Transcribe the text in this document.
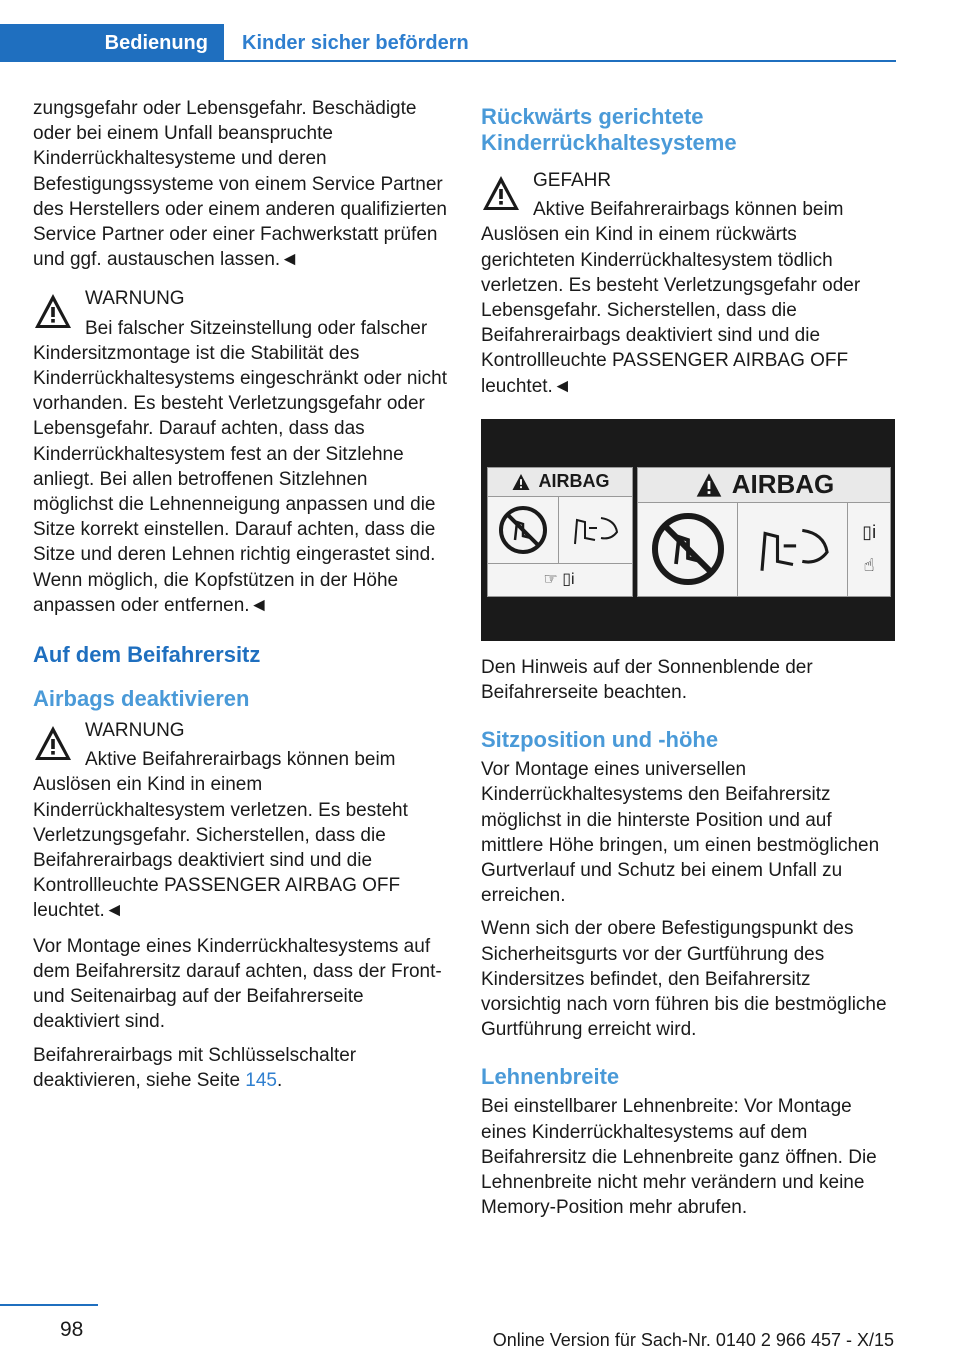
Bedienung	Kinder sicher befördern

zungsgefahr oder Lebensgefahr. Beschädigte oder bei einem Unfall beanspruchte Kinderrückhaltesysteme und deren Befestigungssysteme von einem Service Partner des Herstellers oder einem anderen qualifizierten Service Partner oder einer Fachwerkstatt prüfen und ggf. austauschen lassen.◄

WARNUNG
Bei falscher Sitzeinstellung oder falscher Kindersitzmontage ist die Stabilität des Kinderrückhaltesystems eingeschränkt oder nicht vorhanden. Es besteht Verletzungsgefahr oder Lebensgefahr. Darauf achten, dass das Kinderrückhaltesystem fest an der Sitzlehne anliegt. Bei allen betroffenen Sitzlehnen möglichst die Lehnenneigung anpassen und die Sitze korrekt einstellen. Darauf achten, dass die Sitze und deren Lehnen richtig eingerastet sind. Wenn möglich, die Kopfstützen in der Höhe anpassen oder entfernen.◄
Auf dem Beifahrersitz
Airbags deaktivieren
WARNUNG
Aktive Beifahrerairbags können beim Auslösen ein Kind in einem Kinderrückhaltesystem verletzen. Es besteht Verletzungsgefahr. Sicherstellen, dass die Beifahrerairbags deaktiviert sind und die Kontrollleuchte PASSENGER AIRBAG OFF leuchtet.◄

Vor Montage eines Kinderrückhaltesystems auf dem Beifahrersitz darauf achten, dass der Front- und Seitenairbag auf der Beifahrerseite deaktiviert sind.

Beifahrerairbags mit Schlüsselschalter deaktivieren, siehe Seite 145.

Rückwärts gerichtete Kinderrückhaltesysteme
GEFAHR
Aktive Beifahrerairbags können beim Auslösen ein Kind in einem rückwärts gerichteten Kinderrückhaltesystem tödlich verletzen. Es besteht Verletzungsgefahr oder Lebensgefahr. Sicherstellen, dass die Beifahrerairbags deaktiviert sind und die Kontrollleuchte PASSENGER AIRBAG OFF leuchtet.◄
AIRBAG
☞ ▯i
AIRBAG
▯i
☝

Den Hinweis auf der Sonnenblende der Beifahrerseite beachten.

Sitzposition und -höhe

Vor Montage eines universellen Kinderrückhaltesystems den Beifahrersitz möglichst in die hinterste Position und auf mittlere Höhe bringen, um einen bestmöglichen Gurtverlauf und Schutz bei einem Unfall zu erreichen.

Wenn sich der obere Befestigungspunkt des Sicherheitsgurts vor der Gurtführung des Kindersitzes befindet, den Beifahrersitz vorsichtig nach vorn führen bis die bestmögliche Gurtführung erreicht wird.

Lehnenbreite

Bei einstellbarer Lehnenbreite: Vor Montage eines Kinderrückhaltesystems auf dem Beifahrersitz die Lehnenbreite ganz öffnen. Die Lehnenbreite nicht mehr verändern und keine Memory-Position mehr abrufen.

98	Online Version für Sach-Nr. 0140 2 966 457 - X/15
